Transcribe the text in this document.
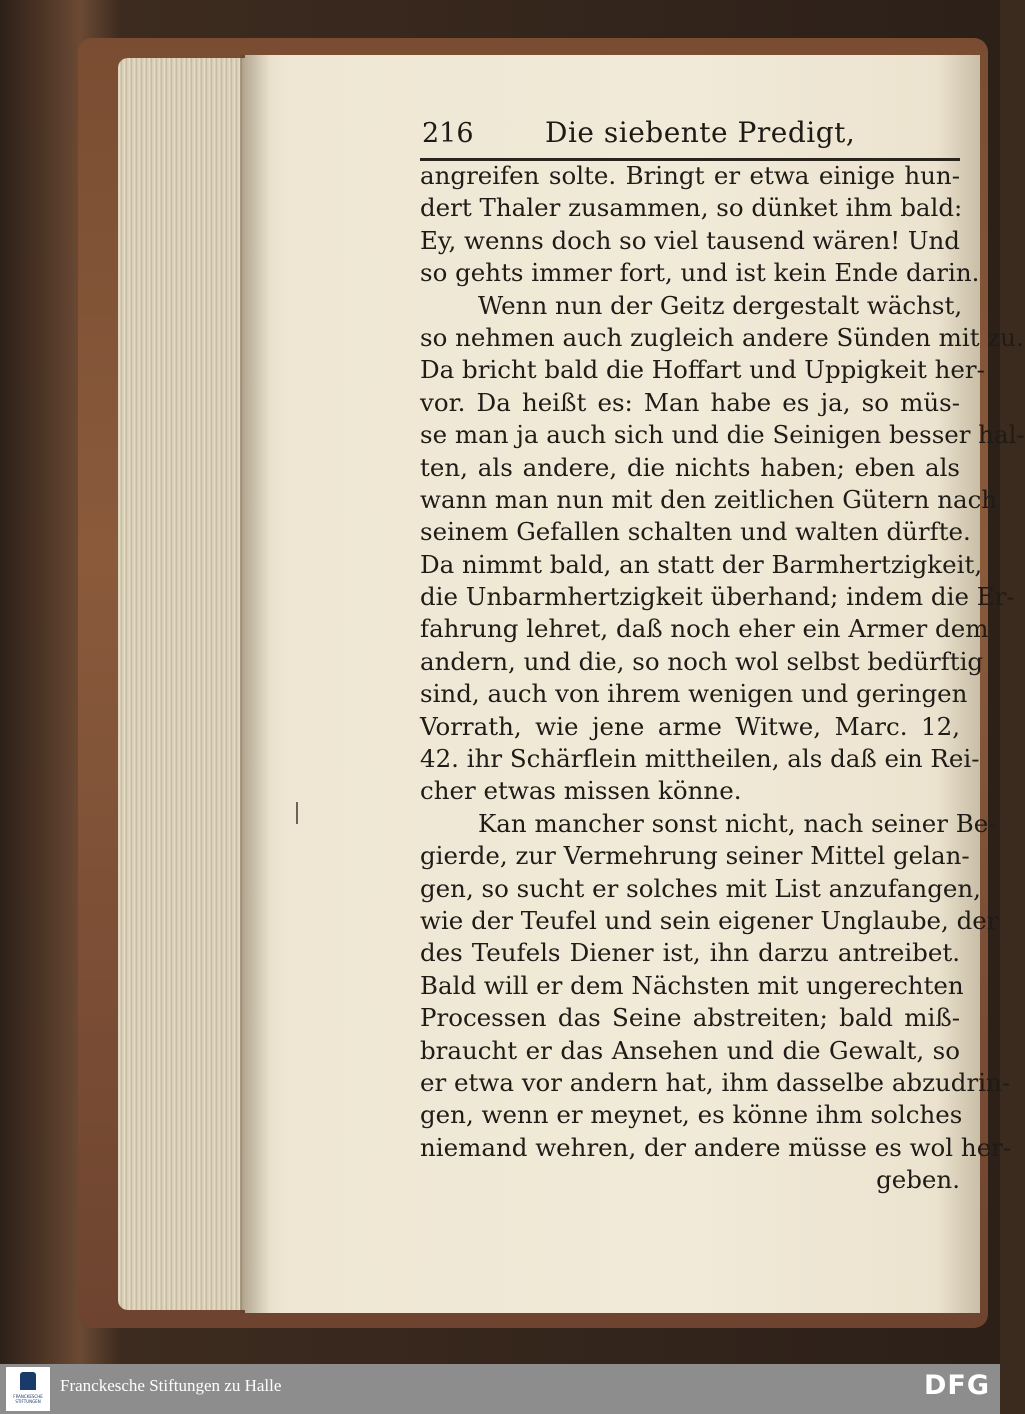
216	Die siebente Predigt,
angreifen solte. Bringt er etwa einige hun-
dert Thaler zusammen, so dünket ihm bald:
Ey, wenns doch so viel tausend wären! Und
so gehts immer fort, und ist kein Ende darin.
Wenn nun der Geitz dergestalt wächst,
so nehmen auch zugleich andere Sünden mit zu.
Da bricht bald die Hoffart und Uppigkeit her-
vor. Da heißt es: Man habe es ja, so müs-
se man ja auch sich und die Seinigen besser hal-
ten, als andere, die nichts haben; eben als
wann man nun mit den zeitlichen Gütern nach
seinem Gefallen schalten und walten dürfte.
Da nimmt bald, an statt der Barmhertzigkeit,
die Unbarmhertzigkeit überhand; indem die Er-
fahrung lehret, daß noch eher ein Armer dem
andern, und die, so noch wol selbst bedürftig
sind, auch von ihrem wenigen und geringen
Vorrath, wie jene arme Witwe, Marc. 12,
42. ihr Schärflein mittheilen, als daß ein Rei-
cher etwas missen könne.
Kan mancher sonst nicht, nach seiner Be-
gierde, zur Vermehrung seiner Mittel gelan-
gen, so sucht er solches mit List anzufangen,
wie der Teufel und sein eigener Unglaube, der
des Teufels Diener ist, ihn darzu antreibet.
Bald will er dem Nächsten mit ungerechten
Processen das Seine abstreiten; bald miß-
braucht er das Ansehen und die Gewalt, so
er etwa vor andern hat, ihm dasselbe abzudrin-
gen, wenn er meynet, es könne ihm solches
niemand wehren, der andere müsse es wol her-
geben.
FRANCKESCHE
STIFTUNGEN
Franckesche Stiftungen zu Halle	DFG
